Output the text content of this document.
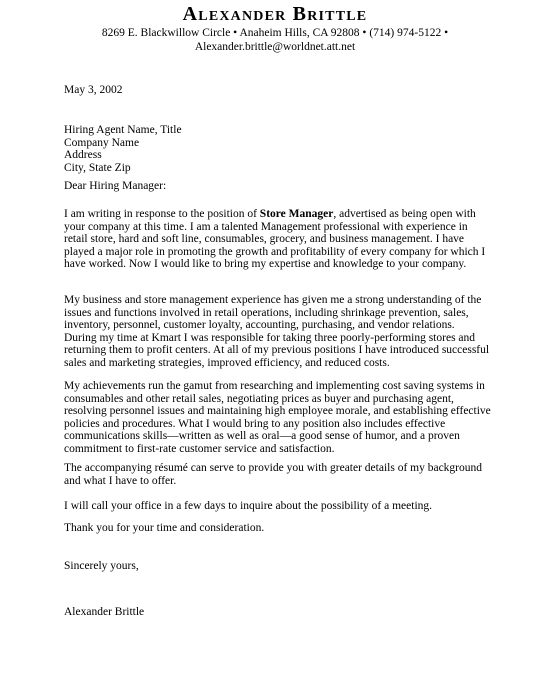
Alexander Brittle
8269 E. Blackwillow Circle • Anaheim Hills, CA 92808 • (714) 974-5122 •
Alexander.brittle@worldnet.att.net
May 3, 2002
Hiring Agent Name, Title
Company Name
Address
City, State Zip
Dear Hiring Manager:
I am writing in response to the position of Store Manager, advertised as being open with
your company at this time. I am a talented Management professional with experience in
retail store, hard and soft line, consumables, grocery, and business management. I have
played a major role in promoting the growth and profitability of every company for which I
have worked. Now I would like to bring my expertise and knowledge to your company.
My business and store management experience has given me a strong understanding of the
issues and functions involved in retail operations, including shrinkage prevention, sales,
inventory, personnel, customer loyalty, accounting, purchasing, and vendor relations.
During my time at Kmart I was responsible for taking three poorly-performing stores and
returning them to profit centers. At all of my previous positions I have introduced successful
sales and marketing strategies, improved efficiency, and reduced costs.
My achievements run the gamut from researching and implementing cost saving systems in
consumables and other retail sales, negotiating prices as buyer and purchasing agent,
resolving personnel issues and maintaining high employee morale, and establishing effective
policies and procedures. What I would bring to any position also includes effective
communications skills—written as well as oral—a good sense of humor, and a proven
commitment to first-rate customer service and satisfaction.
The accompanying résumé can serve to provide you with greater details of my background
and what I have to offer.
I will call your office in a few days to inquire about the possibility of a meeting.
Thank you for your time and consideration.
Sincerely yours,
Alexander Brittle
